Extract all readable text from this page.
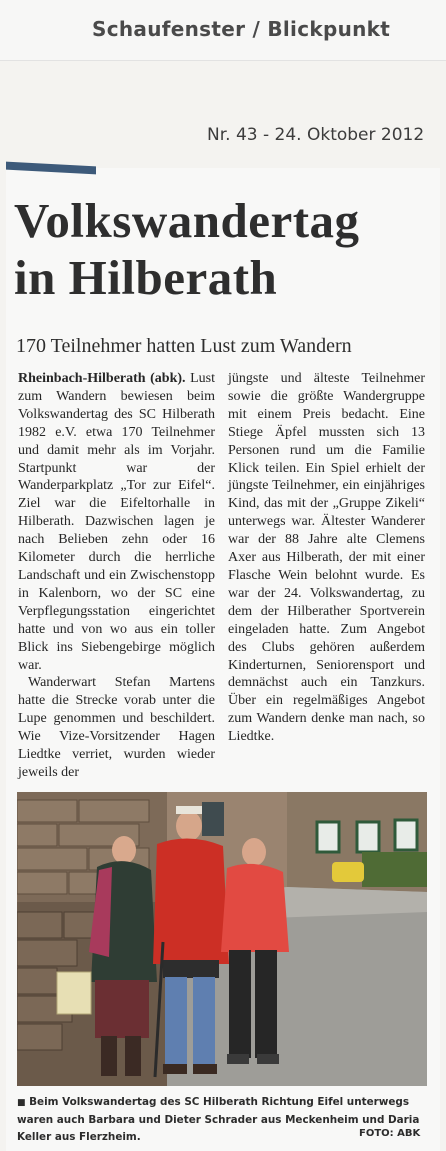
Schaufenster / Blickpunkt
Nr. 43 - 24. Oktober 2012
Volkswandertag
in Hilberath
170 Teilnehmer hatten Lust zum Wandern

Rheinbach-Hilberath (abk). Lust zum Wandern bewiesen beim Volkswandertag des SC Hilberath 1982 e.V. etwa 170 Teilnehmer und damit mehr als im Vorjahr. Startpunkt war der Wanderparkplatz „Tor zur Eifel“. Ziel war die Eifeltorhalle in Hilberath. Dazwischen lagen je nach Belieben zehn oder 16 Kilometer durch die herrliche Landschaft und ein Zwischenstopp in Kalenborn, wo der SC eine Verpflegungsstation eingerichtet hatte und von wo aus ein toller Blick ins Siebengebirge möglich war.

Wanderwart Stefan Martens hatte die Strecke vorab unter die Lupe genommen und beschildert. Wie Vize-Vorsitzender Hagen Liedtke verriet, wurden wieder jeweils der

jüngste und älteste Teilnehmer sowie die größte Wandergruppe mit einem Preis bedacht. Eine Stiege Äpfel mussten sich 13 Personen rund um die Familie Klick teilen. Ein Spiel erhielt der jüngste Teilnehmer, ein einjähriges Kind, das mit der „Gruppe Zikeli“ unterwegs war. Ältester Wanderer war der 88 Jahre alte Clemens Axer aus Hilberath, der mit einer Flasche Wein belohnt wurde. Es war der 24. Volkswandertag, zu dem der Hilberather Sportverein eingeladen hatte. Zum Angebot des Clubs gehören außerdem Kinderturnen, Seniorensport und demnächst auch ein Tanzkurs. Über ein regelmäßiges Angebot zum Wandern denke man nach, so Liedtke.

■ Beim Volkswandertag des SC Hilberath Richtung Eifel unterwegs waren auch Barbara und Dieter Schrader aus Meckenheim und Daria Keller aus Flerzheim.	FOTO: ABK
